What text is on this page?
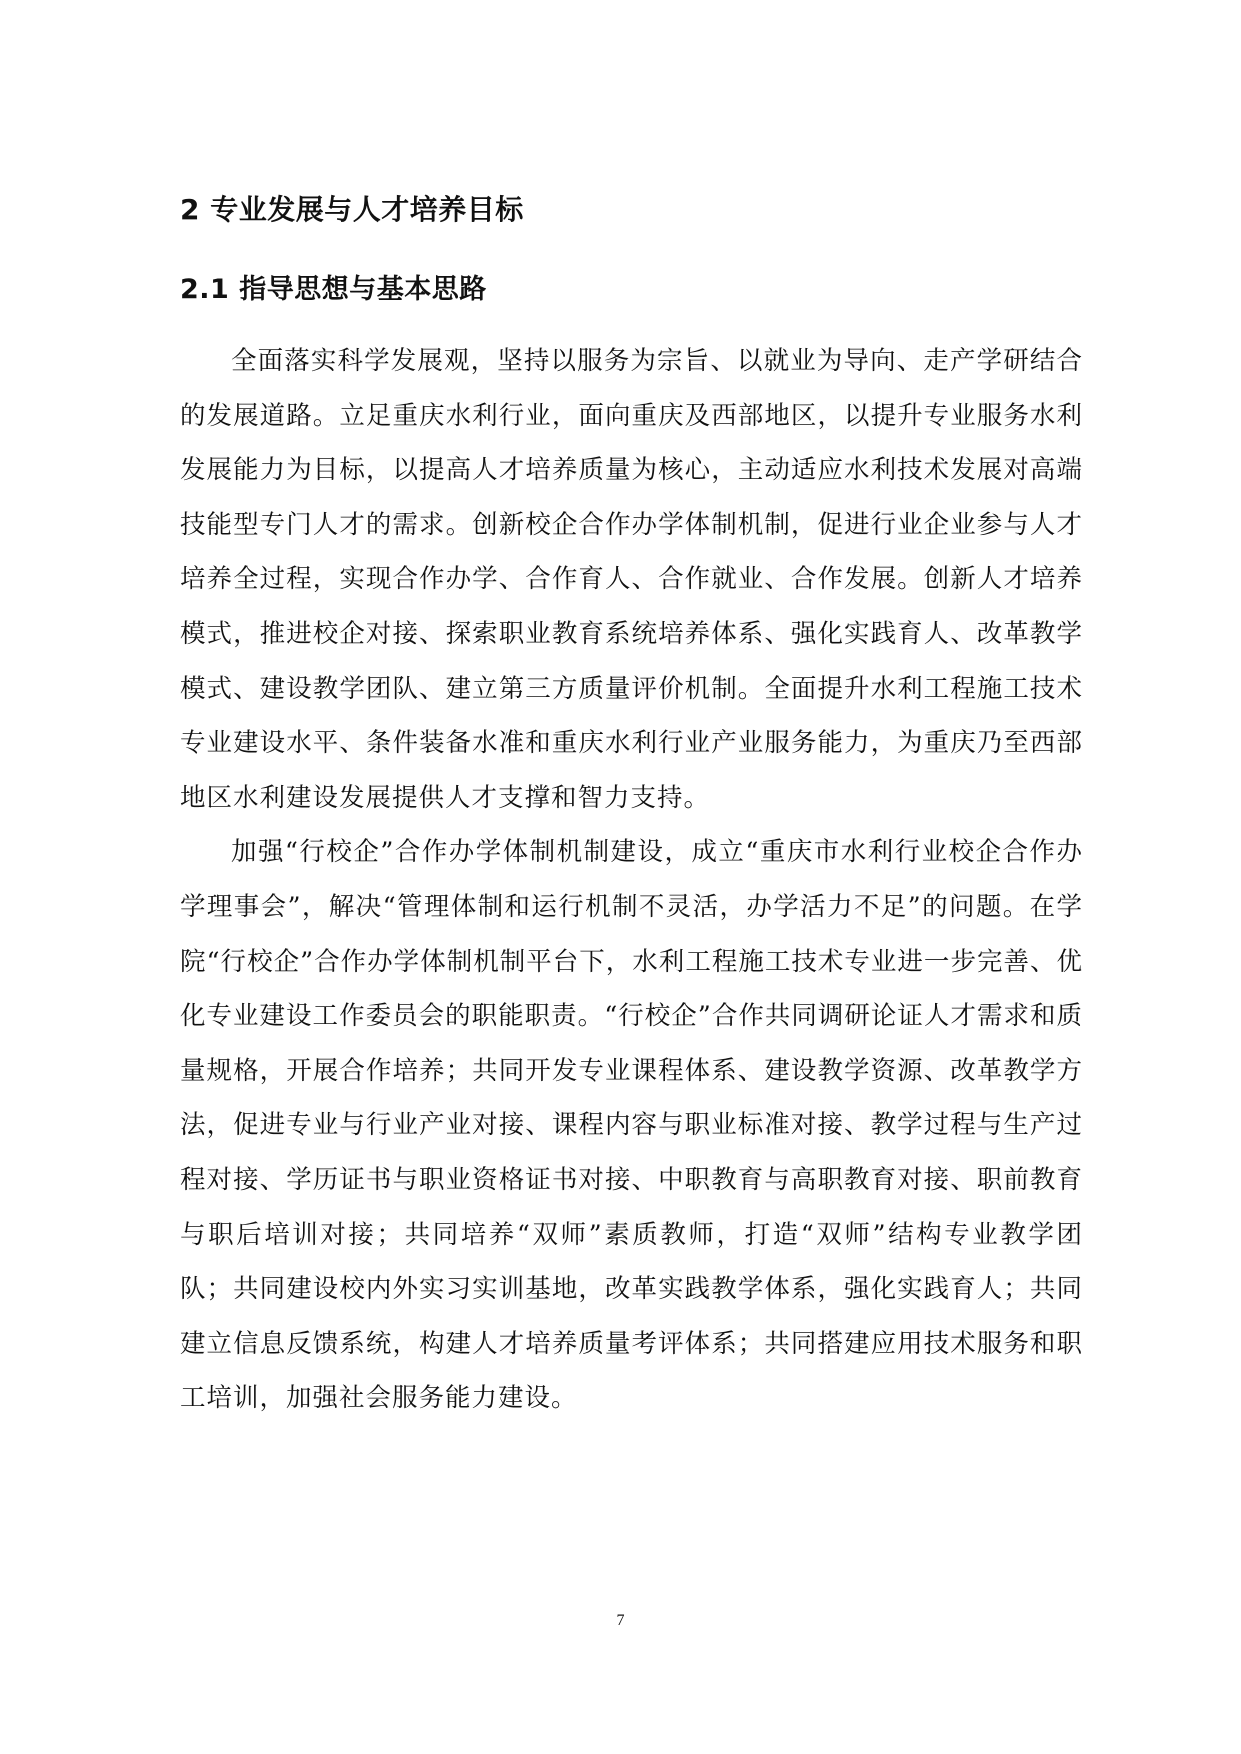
2 专业发展与人才培养目标
2.1 指导思想与基本思路

全面落实科学发展观，坚持以服务为宗旨、以就业为导向、走产学研结合的发展道路。立足重庆水利行业，面向重庆及西部地区，以提升专业服务水利发展能力为目标，以提高人才培养质量为核心，主动适应水利技术发展对高端技能型专门人才的需求。创新校企合作办学体制机制，促进行业企业参与人才培养全过程，实现合作办学、合作育人、合作就业、合作发展。创新人才培养模式，推进校企对接、探索职业教育系统培养体系、强化实践育人、改革教学模式、建设教学团队、建立第三方质量评价机制。全面提升水利工程施工技术专业建设水平、条件装备水准和重庆水利行业产业服务能力，为重庆乃至西部地区水利建设发展提供人才支撑和智力支持。

加强“行校企”合作办学体制机制建设，成立“重庆市水利行业校企合作办学理事会”，解决“管理体制和运行机制不灵活，办学活力不足”的问题。在学院“行校企”合作办学体制机制平台下，水利工程施工技术专业进一步完善、优化专业建设工作委员会的职能职责。“行校企”合作共同调研论证人才需求和质量规格，开展合作培养；共同开发专业课程体系、建设教学资源、改革教学方法，促进专业与行业产业对接、课程内容与职业标准对接、教学过程与生产过程对接、学历证书与职业资格证书对接、中职教育与高职教育对接、职前教育与职后培训对接；共同培养“双师”素质教师，打造“双师”结构专业教学团队；共同建设校内外实习实训基地，改革实践教学体系，强化实践育人；共同建立信息反馈系统，构建人才培养质量考评体系；共同搭建应用技术服务和职工培训，加强社会服务能力建设。

7
